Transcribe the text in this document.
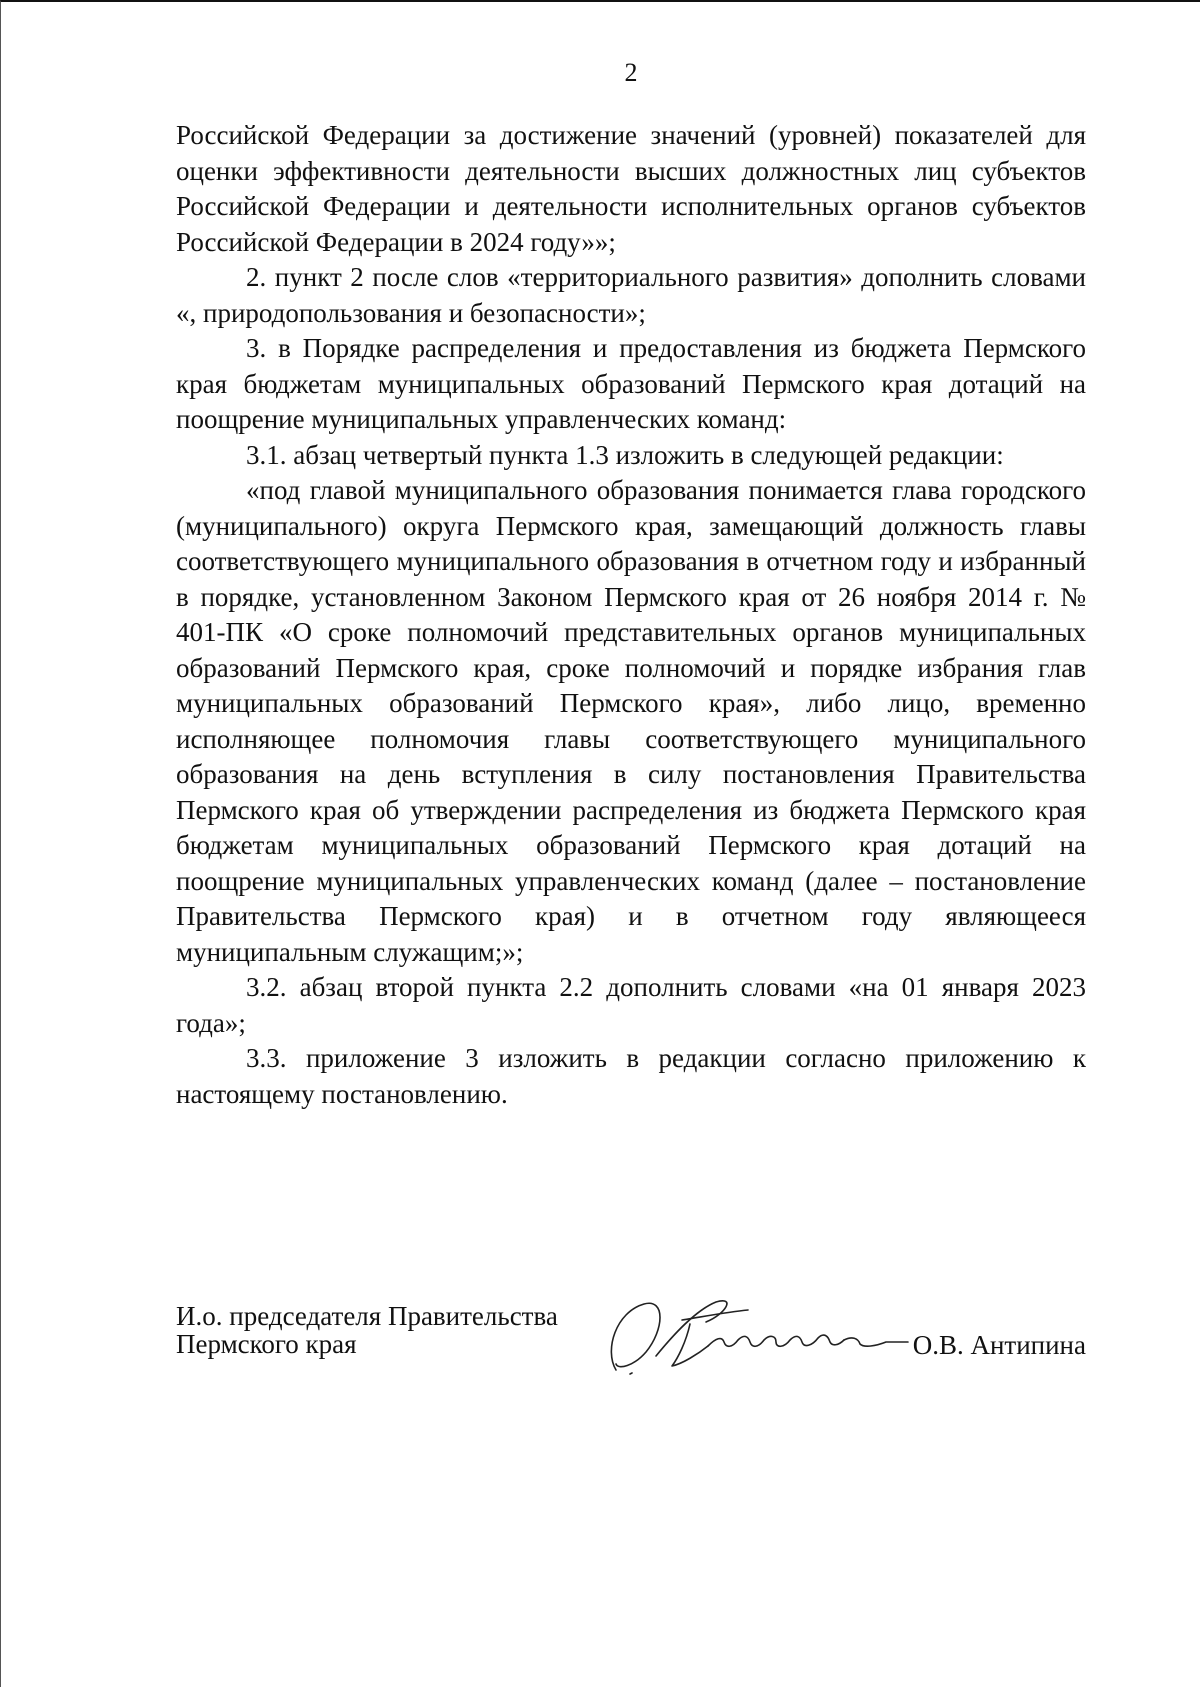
2

Российской Федерации за достижение значений (уровней) показателей для оценки эффективности деятельности высших должностных лиц субъектов Российской Федерации и деятельности исполнительных органов субъектов Российской Федерации в 2024 году»»;

2. пункт 2 после слов «территориального развития» дополнить словами «, природопользования и безопасности»;

3. в Порядке распределения и предоставления из бюджета Пермского края бюджетам муниципальных образований Пермского края дотаций на поощрение муниципальных управленческих команд:

3.1. абзац четвертый пункта 1.3 изложить в следующей редакции:

«под главой муниципального образования понимается глава городского (муниципального) округа Пермского края, замещающий должность главы соответствующего муниципального образования в отчетном году и избранный в порядке, установленном Законом Пермского края от 26 ноября 2014 г. № 401-ПК «О сроке полномочий представительных органов муниципальных образований Пермского края, сроке полномочий и порядке избрания глав муниципальных образований Пермского края», либо лицо, временно исполняющее полномочия главы соответствующего муниципального образования на день вступления в силу постановления Правительства Пермского края об утверждении распределения из бюджета Пермского края бюджетам муниципальных образований Пермского края дотаций на поощрение муниципальных управленческих команд (далее – постановление Правительства Пермского края) и в отчетном году являющееся муниципальным служащим;»;

3.2. абзац второй пункта 2.2 дополнить словами «на 01 января 2023 года»;

3.3. приложение 3 изложить в редакции согласно приложению к настоящему постановлению.

И.о. председателя Правительства
Пермского края	О.В. Антипина
